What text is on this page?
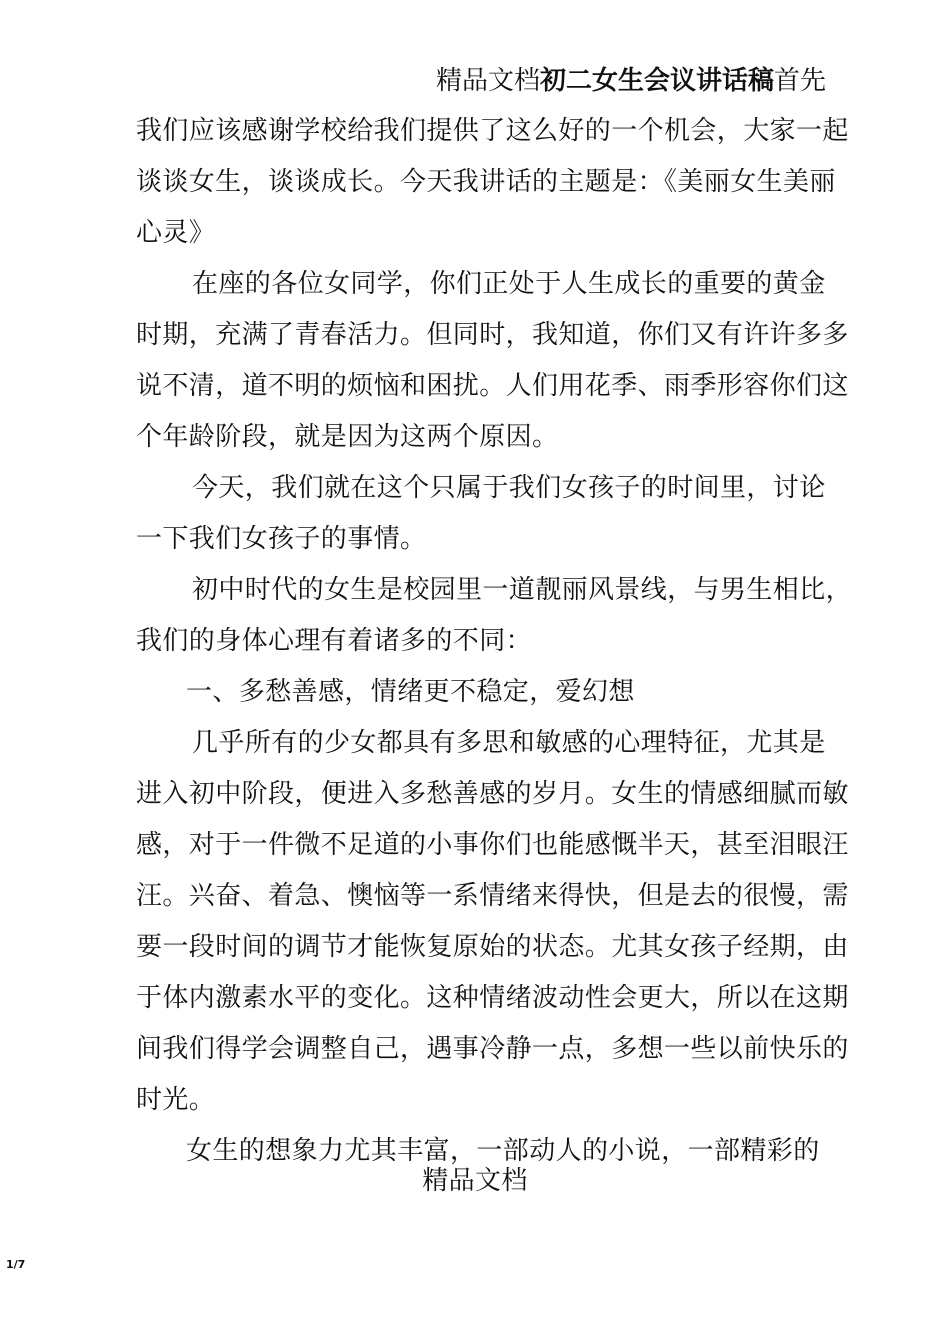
精品文档初二女生会议讲话稿首先
我们应该感谢学校给我们提供了这么好的一个机会，大家一起
谈谈女生，谈谈成长。今天我讲话的主题是：《美丽女生美丽
心灵》
在座的各位女同学，你们正处于人生成长的重要的黄金
时期，充满了青春活力。但同时，我知道，你们又有许许多多
说不清，道不明的烦恼和困扰。人们用花季、雨季形容你们这
个年龄阶段，就是因为这两个原因。
今天，我们就在这个只属于我们女孩子的时间里，讨论
一下我们女孩子的事情。
初中时代的女生是校园里一道靓丽风景线，与男生相比，
我们的身体心理有着诸多的不同：
一、多愁善感，情绪更不稳定，爱幻想
几乎所有的少女都具有多思和敏感的心理特征，尤其是
进入初中阶段，便进入多愁善感的岁月。女生的情感细腻而敏
感，对于一件微不足道的小事你们也能感慨半天，甚至泪眼汪
汪。兴奋、着急、懊恼等一系情绪来得快，但是去的很慢，需
要一段时间的调节才能恢复原始的状态。尤其女孩子经期，由
于体内激素水平的变化。这种情绪波动性会更大，所以在这期
间我们得学会调整自己，遇事冷静一点，多想一些以前快乐的
时光。
女生的想象力尤其丰富，一部动人的小说，一部精彩的
精品文档
1/7
